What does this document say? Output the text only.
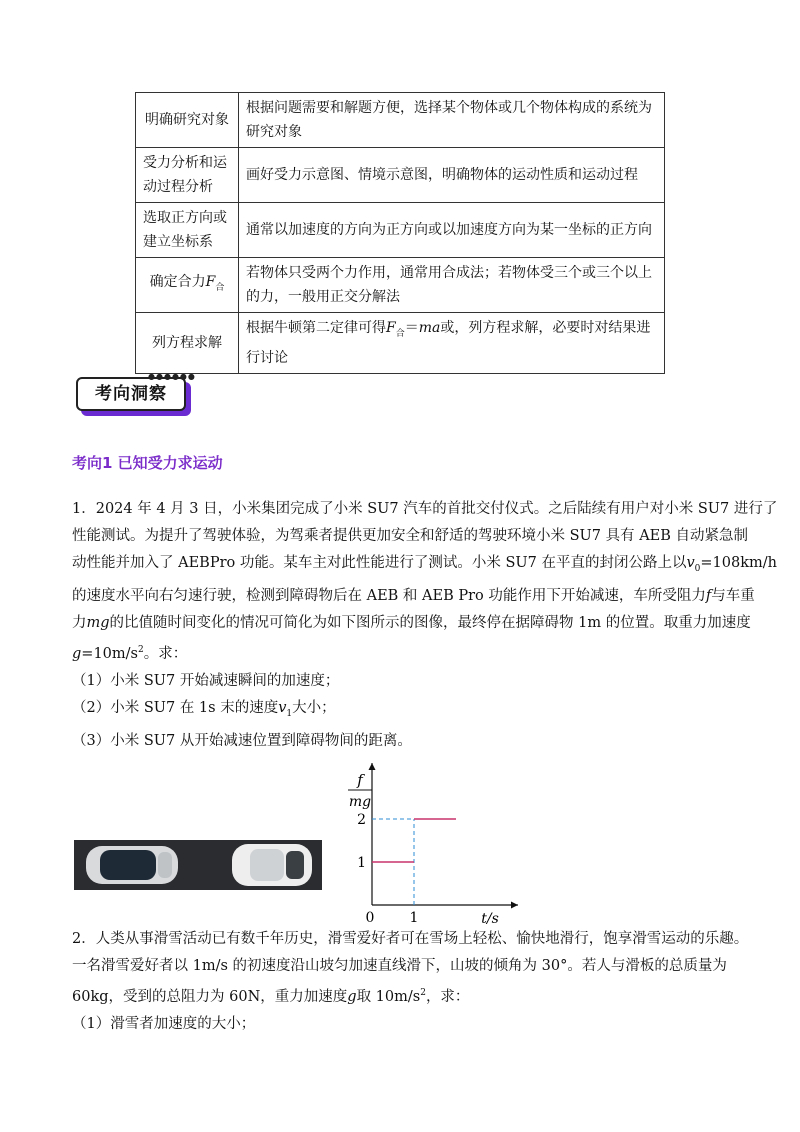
明确研究对象	根据问题需要和解题方便，选择某个物体或几个物体构成的系统为研究对象
受力分析和运动过程分析	画好受力示意图、情境示意图，明确物体的运动性质和运动过程
选取正方向或建立坐标系	通常以加速度的方向为正方向或以加速度方向为某一坐标的正方向
确定合力$F_合$	若物体只受两个力作用，通常用合成法；若物体受三个或三个以上的力，一般用正交分解法
列方程求解	根据牛顿第二定律可得$F_合=ma$或，列方程求解，必要时对结果进行讨论
考向洞察
●●●●●●
考向1 已知受力求运动
1．2024 年 4 月 3 日，小米集团完成了小米 SU7 汽车的首批交付仪式。之后陆续有用户对小米 SU7 进行了
性能测试。为提升了驾驶体验，为驾乘者提供更加安全和舒适的驾驶环境小米 SU7 具有 AEB 自动紧急制
动性能并加入了 AEBPro 功能。某车主对此性能进行了测试。小米 SU7 在平直的封闭公路上以$v_0=108km/h$
的速度水平向右匀速行驶，检测到障碍物后在 AEB 和 AEB Pro 功能作用下开始减速，车所受阻力f与车重
力mg的比值随时间变化的情况可简化为如下图所示的图像，最终停在据障碍物 1m 的位置。取重力加速度
$g=10m/s^2$。求：
（1）小米 SU7 开始减速瞬间的加速度；
（2）小米 SU7 在 1s 末的速度$v_1$大小；
（3）小米 SU7 从开始减速位置到障碍物间的距离。
f
mg
1
2
1
0	t/s
2．人类从事滑雪活动已有数千年历史，滑雪爱好者可在雪场上轻松、愉快地滑行，饱享滑雪运动的乐趣。
一名滑雪爱好者以 1m/s 的初速度沿山坡匀加速直线滑下，山坡的倾角为 30°。若人与滑板的总质量为
60kg，受到的总阻力为 60N，重力加速度g取 $10m/s^2$，求：
（1）滑雪者加速度的大小；
